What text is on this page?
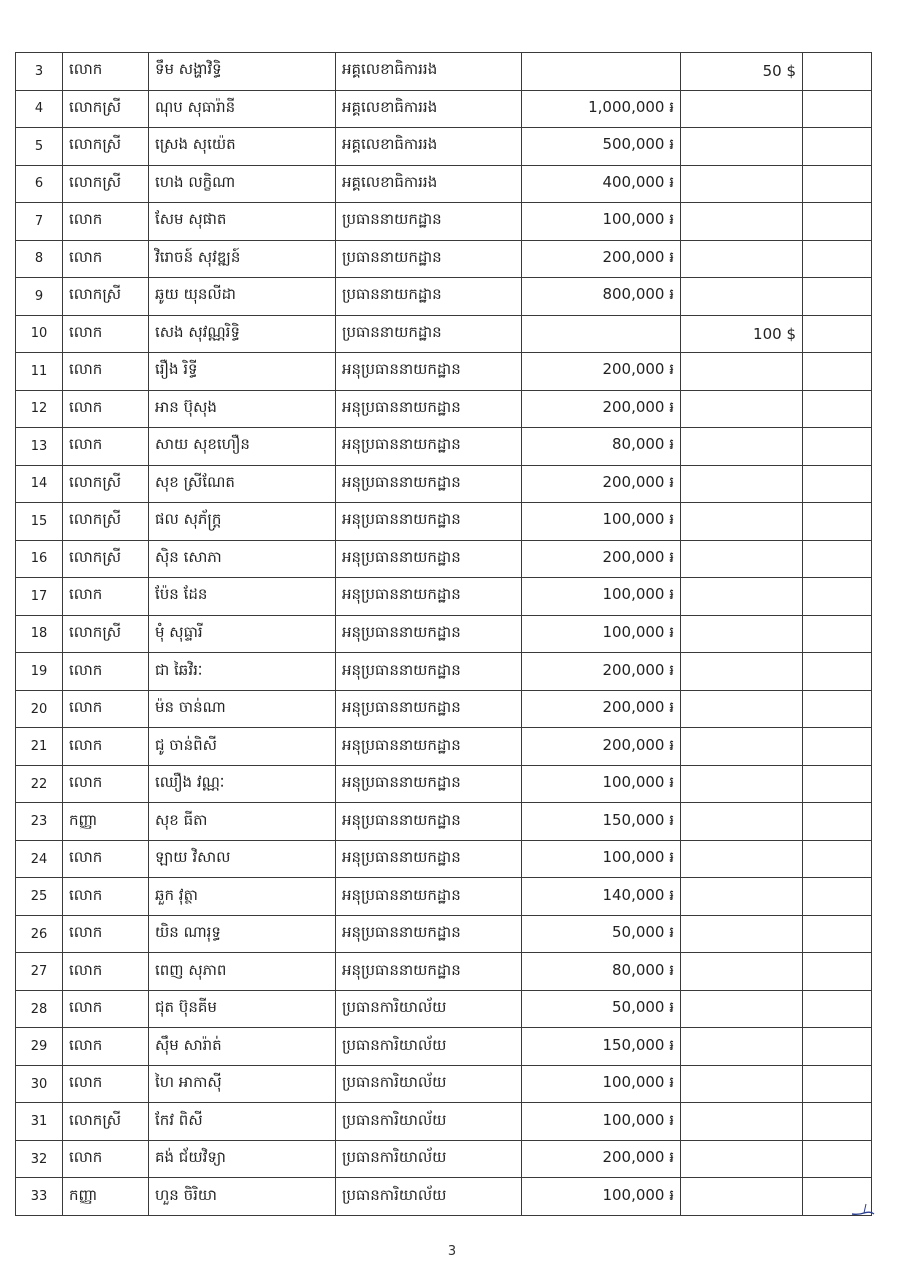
3	លោក	ទឹម សង្ហាវិទ្ធិ	អគ្គលេខាធិការរង		50 $	
4	លោកស្រី	ណុប សុធារ៉ានី	អគ្គលេខាធិការរង	1,000,000 ៛		
5	លោកស្រី	ស្រេង សុយ៉េត	អគ្គលេខាធិការរង	500,000 ៛		
6	លោកស្រី	ហេង លក្ខិណា	អគ្គលេខាធិការរង	400,000 ៛		
7	លោក	សែម សុផាត	ប្រធាននាយកដ្ឋាន	100,000 ៛		
8	លោក	វិរោចន៍ សុវឌ្ឍន៍	ប្រធាននាយកដ្ឋាន	200,000 ៛		
9	លោកស្រី	ឆូយ យុនលីដា	ប្រធាននាយកដ្ឋាន	800,000 ៛		
10	លោក	សេង សុវណ្ណរិទ្ធិ	ប្រធាននាយកដ្ឋាន		100 $	
11	លោក	រឿង រិទ្ធី	អនុប្រធាននាយកដ្ឋាន	200,000 ៛		
12	លោក	អាន ប៊ុសុង	អនុប្រធាននាយកដ្ឋាន	200,000 ៛		
13	លោក	សាយ សុខហឿន	អនុប្រធាននាយកដ្ឋាន	80,000 ៛		
14	លោកស្រី	សុខ ស្រីណែត	អនុប្រធាននាយកដ្ឋាន	200,000 ៛		
15	លោកស្រី	ផល សុភ័ក្ត្រ	អនុប្រធាននាយកដ្ឋាន	100,000 ៛		
16	លោកស្រី	ស៊ិន សោភា	អនុប្រធាននាយកដ្ឋាន	200,000 ៛		
17	លោក	ប៉ែន ដែន	អនុប្រធាននាយកដ្ឋាន	100,000 ៛		
18	លោកស្រី	មុំ សុធ្ទារី	អនុប្រធាននាយកដ្ឋាន	100,000 ៛		
19	លោក	ជា ឆៃវិរៈ	អនុប្រធាននាយកដ្ឋាន	200,000 ៛		
20	លោក	ម៉ន ចាន់ណា	អនុប្រធាននាយកដ្ឋាន	200,000 ៛		
21	លោក	ជូ ចាន់ពិសី	អនុប្រធាននាយកដ្ឋាន	200,000 ៛		
22	លោក	ឈឿង វណ្ណៈ	អនុប្រធាននាយកដ្ឋាន	100,000 ៛		
23	កញ្ញា	សុខ ធីតា	អនុប្រធាននាយកដ្ឋាន	150,000 ៛		
24	លោក	ឡាយ វិសាល	អនុប្រធាននាយកដ្ឋាន	100,000 ៛		
25	លោក	ឆួក វុត្ថា	អនុប្រធាននាយកដ្ឋាន	140,000 ៛		
26	លោក	យិន ណារុទ្ធ	អនុប្រធាននាយកដ្ឋាន	50,000 ៛		
27	លោក	ពេញ សុភាព	អនុប្រធាននាយកដ្ឋាន	80,000 ៛		
28	លោក	ជុត ប៊ុនគីម	ប្រធានការិយាល័យ	50,000 ៛		
29	លោក	ស៊ឹម សារ៉ាត់	ប្រធានការិយាល័យ	150,000 ៛		
30	លោក	ហៃ អាកាស៊ី	ប្រធានការិយាល័យ	100,000 ៛		
31	លោកស្រី	កែវ ពិសី	ប្រធានការិយាល័យ	100,000 ៛		
32	លោក	គង់ ជ័យវិទ្យា	ប្រធានការិយាល័យ	200,000 ៛		
33	កញ្ញា	ហួន ចិរិយា	ប្រធានការិយាល័យ	100,000 ៛		
3
